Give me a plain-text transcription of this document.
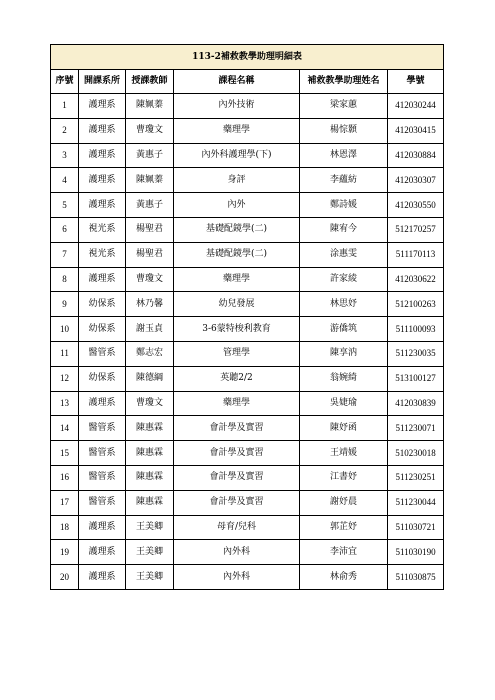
113-2補救教學助理明細表					
序號	開課系所	授課教師	課程名稱	補救教學助理姓名	學號
1	護理系	陳姵蓁	內外技術	梁家蕙	412030244
2	護理系	曹瓊文	藥理學	楊悰顥	412030415
3	護理系	黃惠子	內外科護理學(下)	林恩澤	412030884
4	護理系	陳姵蓁	身評	李蘊紡	412030307
5	護理系	黃惠子	內外	鄭詩媛	412030550
6	視光系	楊聖君	基礎配鏡學(二)	陳宥今	512170257
7	視光系	楊聖君	基礎配鏡學(二)	涂惠雯	511170113
8	護理系	曹瓊文	藥理學	許家綾	412030622
9	幼保系	林乃馨	幼兒發展	林思妤	512100263
10	幼保系	謝玉貞	3-6蒙特梭利教育	游僑筑	511100093
11	醫管系	鄭志宏	管理學	陳享汭	511230035
12	幼保系	陳德綱	英聽2/2	翁婉綺	513100127
13	護理系	曹瓊文	藥理學	吳婕瑜	412030839
14	醫管系	陳惠霖	會計學及實習	陳妤函	511230071
15	醫管系	陳惠霖	會計學及實習	王靖媛	510230018
16	醫管系	陳惠霖	會計學及實習	江書妤	511230251
17	醫管系	陳惠霖	會計學及實習	謝妤晨	511230044
18	護理系	王美卿	母育/兒科	郭芷妤	511030721
19	護理系	王美卿	內外科	李沛宜	511030190
20	護理系	王美卿	內外科	林俞秀	511030875
